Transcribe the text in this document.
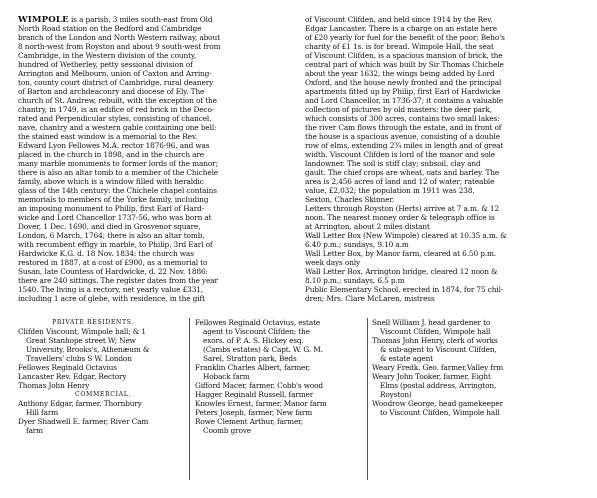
WIMPOLE is a parish, 3 miles south-east from Old
North Road station on the Bedford and Cambridge
branch of the London and North Western railway, about
8 north-west from Royston and about 9 south-west from
Cambridge, in the Western division of the county,
hundred of Wetherley, petty sessional division of
Arrington and Melbourn, union of Caxton and Arring-
ton, county court district of Cambridge, rural deanery
of Barton and archdeaconry and diocese of Ely. The
church of St. Andrew, rebuilt, with the exception of the
chantry, in 1749, is an edifice of red brick in the Deco-
rated and Perpendicular styles, consisting of chancel,
nave, chantry and a western gable containing one bell:
the stained east window is a memorial to the Rev.
Edward Lyon Fellowes M.A. rector 1876-96, and was
placed in the church in 1898, and in the church are
many marble monuments to former lords of the manor;
there is also an altar tomb to a member of the Chichele
family, above which is a window filled with heraldic
glass of the 14th century: the Chichele chapel contains
memorials to members of the Yorke family, including
an imposing monument to Philip, first Earl of Hard-
wicke and Lord Chancellor 1737-56, who was born at
Dover, 1 Dec. 1690, and died in Grosvenor square,
London, 6 March, 1764; there is also an altar tomb,
with recumbent effigy in marble, to Philip, 3rd Earl of
Hardwicke K.G. d. 18 Nov. 1834: the church was
restored in 1887, at a cost of £900, as a memorial to
Susan, late Countess of Hardwicke, d. 22 Nov. 1886:
there are 240 sittings. The register dates from the year
1540. The living is a rectory, net yearly value £331,
including 1 acre of glebe, with residence, in the gift
of Viscount Clifden, and held since 1914 by the Rev.
Edgar Lancaster. There is a charge on an estate here
of £20 yearly for fuel for the benefit of the poor; Beho's
charity of £1 1s. is for bread. Wimpole Hall, the seat
of Viscount Clifden, is a spacious mansion of brick, the
central part of which was built by Sir Thomas Chichele
about the year 1632, the wings being added by Lord
Oxford, and the house newly fronted and the principal
apartments fitted up by Philip, first Earl of Hardwicke
and Lord Chancellor, in 1736-37; it contains a valuable
collection of pictures by old masters: the deer park,
which consists of 300 acres, contains two small lakes:
the river Cam flows through the estate, and in front of
the house is a spacious avenue, consisting of a double
row of elms, extending 2¾ miles in length and of great
width. Viscount Clifden is lord of the manor and sole
landowner. The soil is stiff clay; subsoil, clay and
gault. The chief crops are wheat, oats and barley. The
area is 2,456 acres of land and 12 of water; rateable
value, £2,032; the population in 1911 was 238.
Sexton, Charles Skinner.
Letters through Royston (Herts) arrive at 7 a.m. & 12
noon. The nearest money order & telegraph office is
at Arrington, about 2 miles distant
Wall Letter Box (New Wimpole) cleared at 10.35 a.m. &
6.40 p.m.; sundays, 9.10 a.m
Wall Letter Box, by Manor farm, cleared at 6.50 p.m.
week days only
Wall Letter Box, Arrington bridge, cleared 12 noon &
8.10 p.m.; sundays, 6.5 p.m
Public Elementary School, erected in 1874, for 75 chil-
dren; Mrs. Clare McLaren, mistress
PRIVATE RESIDENTS.
Clifden Viscount, Wimpole hall; & 1
Great Stanhope street W; New
University, Brooks's, Athenæum &
Travellers' clubs S W. London
Fellowes Reginald Octavius
Lancaster Rev. Edgar, Rectory
Thomas John Henry
COMMERCIAL.
Anthony Edgar, farmer, Thornbury
Hill farm
Dyer Shadwell E. farmer, River Cam
farm
Fellowes Reginald Octavius, estate
agent to Viscount Clifden; the
exors. of P. A. S. Hickey esq.
(Cambs estates) & Capt. W. G. M.
Sarel, Stratton park, Beds
Franklin Charles Albert, farmer,
Hoback farm
Gifford Macer, farmer, Cobb's wood
Hagger Reginald Russell, farmer
Knowles Ernest, farmer, Manor farm
Peters Joseph, farmer, New farm
Rowe Clement Arthur, farmer,
Coomb grove
Snell William J. head gardener to
Viscount Clifden, Wimpole hall
Thomas John Henry, clerk of works
& sub-agent to Viscount Clifden,
& estate agent
Weary Fredk. Geo. farmer,Valley frm
Weary John Tooker, farmer, Eight
Elms (postal address, Arrington,
Royston)
Woodrow George, head gamekeeper
to Viscount Clifden, Wimpole hall
